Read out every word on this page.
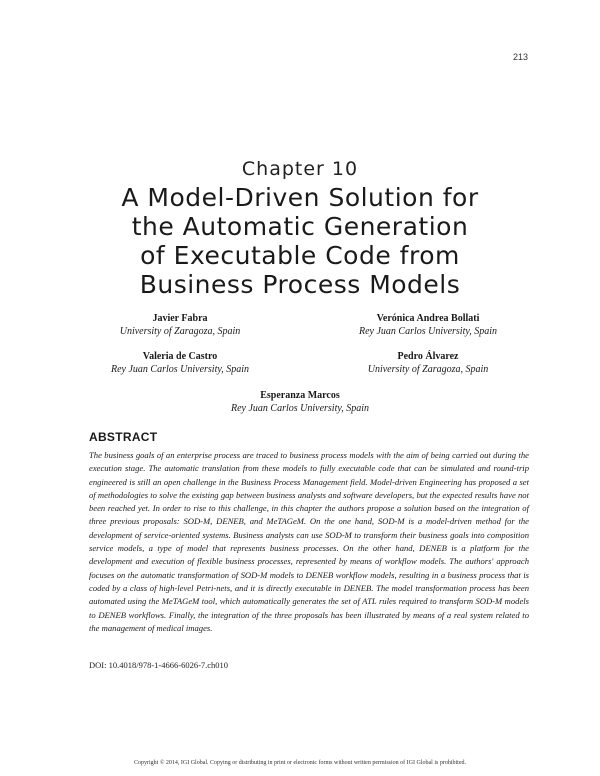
213
Chapter 10
A Model-Driven Solution for
the Automatic Generation
of Executable Code from
Business Process Models
Javier Fabra
University of Zaragoza, Spain
Verónica Andrea Bollati
Rey Juan Carlos University, Spain
Valeria de Castro
Rey Juan Carlos University, Spain
Pedro Álvarez
University of Zaragoza, Spain
Esperanza Marcos
Rey Juan Carlos University, Spain
ABSTRACT
The business goals of an enterprise process are traced to business process models with the aim of being carried out during the execution stage. The automatic translation from these models to fully executable code that can be simulated and round-trip engineered is still an open challenge in the Business Process Management field. Model-driven Engineering has proposed a set of methodologies to solve the existing gap between business analysts and software developers, but the expected results have not been reached yet. In order to rise to this challenge, in this chapter the authors propose a solution based on the integration of three previous proposals: SOD-M, DENEB, and MeTAGeM. On the one hand, SOD-M is a model-driven method for the development of service-oriented systems. Business analysts can use SOD-M to transform their business goals into composition service models, a type of model that represents business processes. On the other hand, DENEB is a platform for the development and execution of flexible business processes, represented by means of workflow models. The authors' approach focuses on the automatic transformation of SOD-M models to DENEB workflow models, resulting in a business process that is coded by a class of high-level Petri-nets, and it is directly executable in DENEB. The model transformation process has been automated using the MeTAGeM tool, which automatically generates the set of ATL rules required to transform SOD-M models to DENEB workflows. Finally, the integration of the three proposals has been illustrated by means of a real system related to the management of medical images.
DOI: 10.4018/978-1-4666-6026-7.ch010
Copyright © 2014, IGI Global. Copying or distributing in print or electronic forms without written permission of IGI Global is prohibited.
